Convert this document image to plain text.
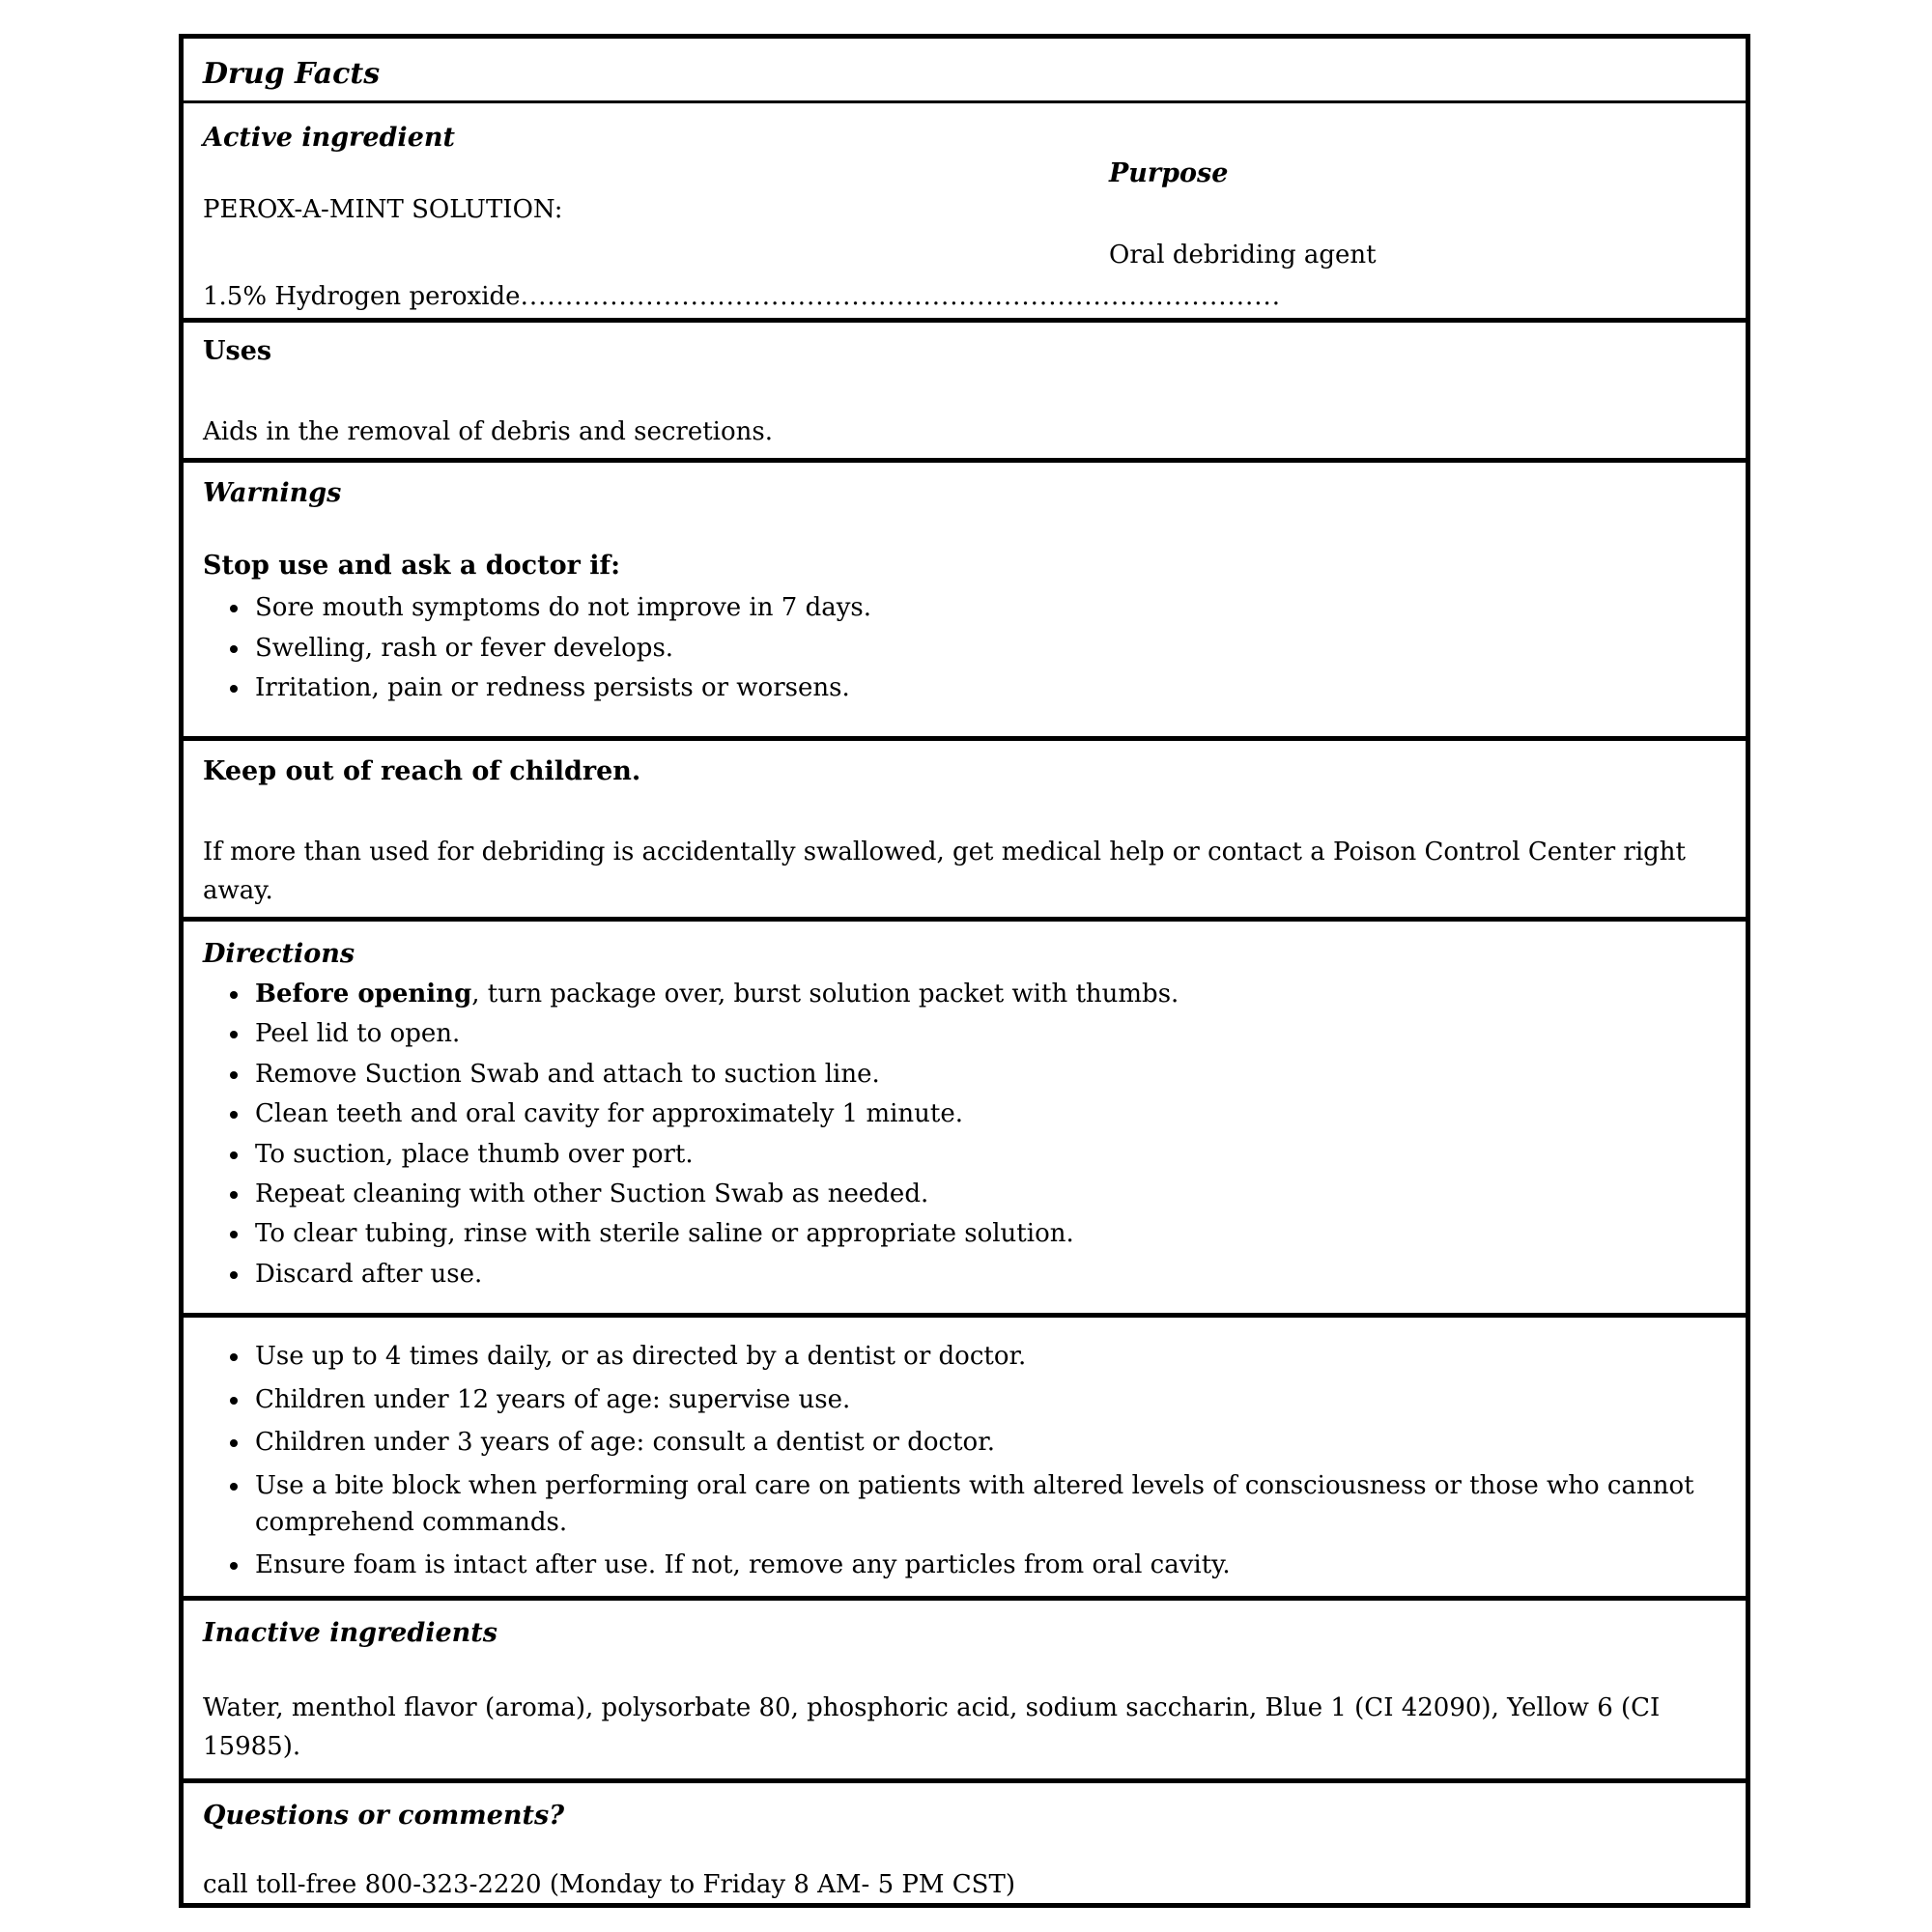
Drug Facts
Active ingredient
Purpose
PEROX-A-MINT SOLUTION:
Oral debriding agent
1.5% Hydrogen peroxide.....................................................................................
Uses
Aids in the removal of debris and secretions.
Warnings
Stop use and ask a doctor if:
• Sore mouth symptoms do not improve in 7 days.
• Swelling, rash or fever develops.
• Irritation, pain or redness persists or worsens.
Keep out of reach of children.
If more than used for debriding is accidentally swallowed, get medical help or contact a Poison Control Center right away.
Directions
• Before opening, turn package over, burst solution packet with thumbs.
• Peel lid to open.
• Remove Suction Swab and attach to suction line.
• Clean teeth and oral cavity for approximately 1 minute.
• To suction, place thumb over port.
• Repeat cleaning with other Suction Swab as needed.
• To clear tubing, rinse with sterile saline or appropriate solution.
• Discard after use.
• Use up to 4 times daily, or as directed by a dentist or doctor.
• Children under 12 years of age: supervise use.
• Children under 3 years of age: consult a dentist or doctor.
• Use a bite block when performing oral care on patients with altered levels of consciousness or those who cannot comprehend commands.
• Ensure foam is intact after use. If not, remove any particles from oral cavity.
Inactive ingredients
Water, menthol flavor (aroma), polysorbate 80, phosphoric acid, sodium saccharin, Blue 1 (CI 42090), Yellow 6 (CI 15985).
Questions or comments?
call toll-free 800-323-2220 (Monday to Friday 8 AM- 5 PM CST)
